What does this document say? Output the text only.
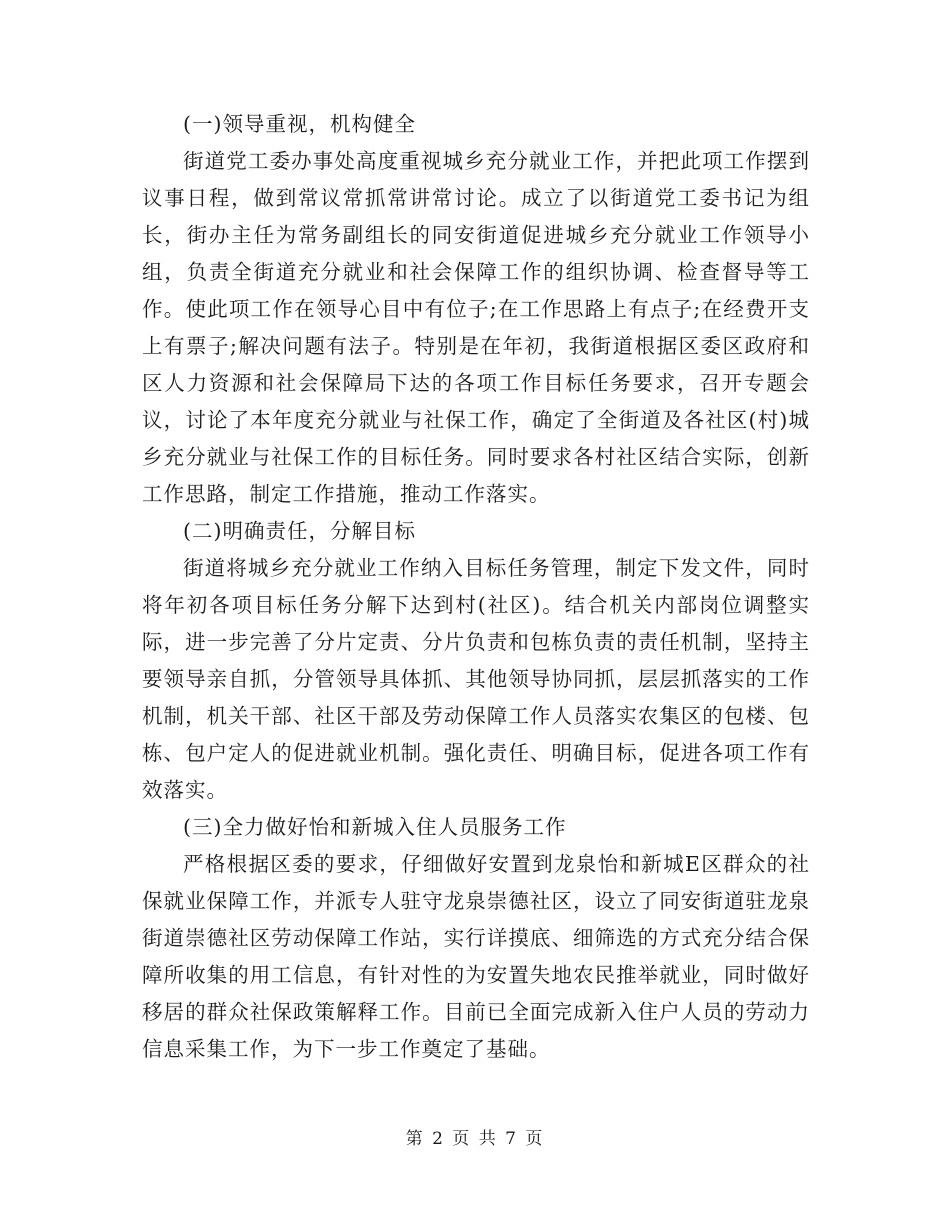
(一)领导重视，机构健全

街道党工委办事处高度重视城乡充分就业工作，并把此项工作摆到议事日程，做到常议常抓常讲常讨论。成立了以街道党工委书记为组长，街办主任为常务副组长的同安街道促进城乡充分就业工作领导小组，负责全街道充分就业和社会保障工作的组织协调、检查督导等工作。使此项工作在领导心目中有位子;在工作思路上有点子;在经费开支上有票子;解决问题有法子。特别是在年初，我街道根据区委区政府和区人力资源和社会保障局下达的各项工作目标任务要求，召开专题会议，讨论了本年度充分就业与社保工作，确定了全街道及各社区(村)城乡充分就业与社保工作的目标任务。同时要求各村社区结合实际，创新工作思路，制定工作措施，推动工作落实。

(二)明确责任，分解目标

街道将城乡充分就业工作纳入目标任务管理，制定下发文件，同时将年初各项目标任务分解下达到村(社区)。结合机关内部岗位调整实际，进一步完善了分片定责、分片负责和包栋负责的责任机制，坚持主要领导亲自抓，分管领导具体抓、其他领导协同抓，层层抓落实的工作机制，机关干部、社区干部及劳动保障工作人员落实农集区的包楼、包栋、包户定人的促进就业机制。强化责任、明确目标，促进各项工作有效落实。

(三)全力做好怡和新城入住人员服务工作

严格根据区委的要求，仔细做好安置到龙泉怡和新城E区群众的社保就业保障工作，并派专人驻守龙泉崇德社区，设立了同安街道驻龙泉街道崇德社区劳动保障工作站，实行详摸底、细筛选的方式充分结合保障所收集的用工信息，有针对性的为安置失地农民推举就业，同时做好移居的群众社保政策解释工作。目前已全面完成新入住户人员的劳动力信息采集工作，为下一步工作奠定了基础。

第 2 页 共 7 页
